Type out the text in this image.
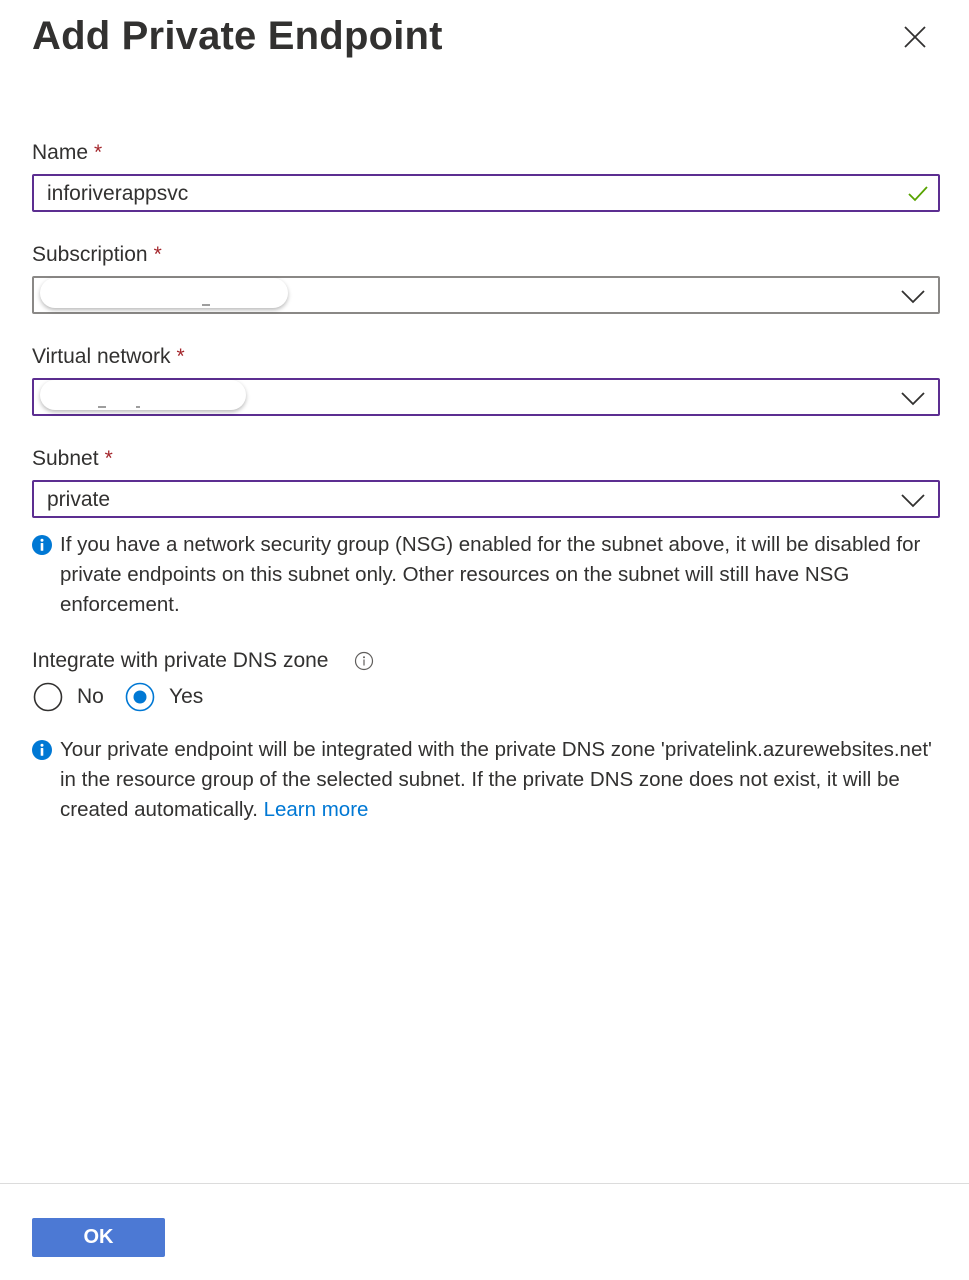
Add Private Endpoint
Name *
inforiverappsvc
Subscription *
Virtual network *
Subnet *
private
If you have a network security group (NSG) enabled for the subnet above, it will be disabled for private endpoints on this subnet only. Other resources on the subnet will still have NSG enforcement.
Integrate with private DNS zone
No	Yes
Your private endpoint will be integrated with the private DNS zone 'privatelink.azurewebsites.net' in the resource group of the selected subnet. If the private DNS zone does not exist, it will be created automatically. Learn more
OK
